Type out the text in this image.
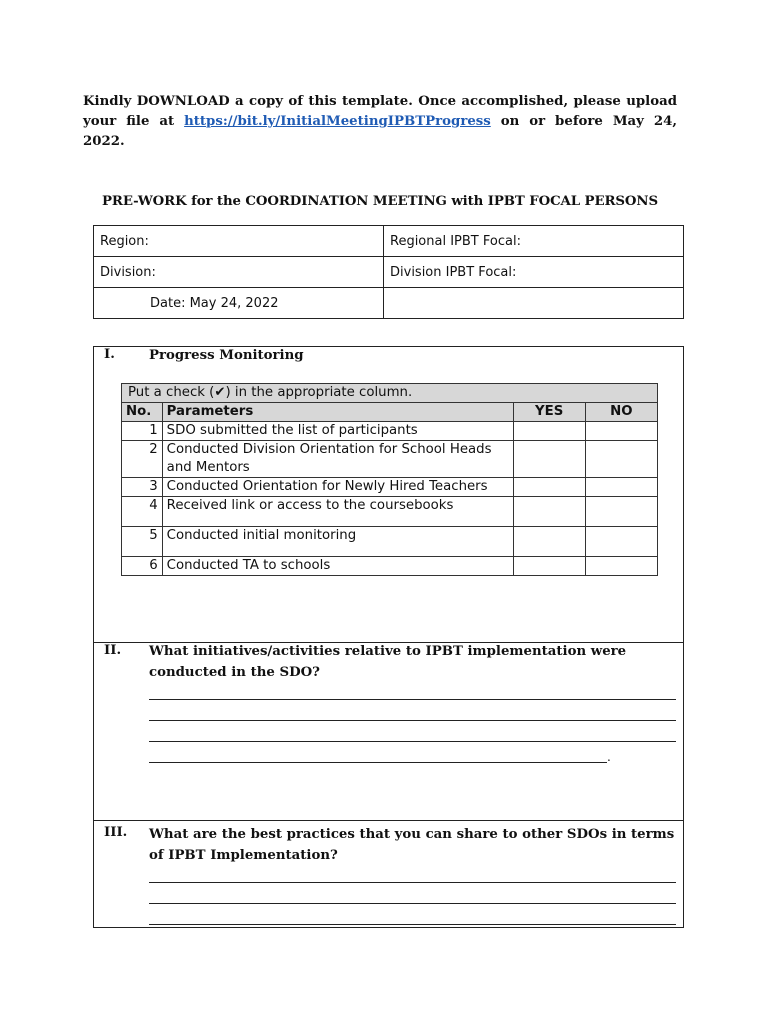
Kindly DOWNLOAD a copy of this template. Once accomplished, please upload your file at https://bit.ly/InitialMeetingIPBTProgress on or before May 24, 2022.
PRE-WORK for the COORDINATION MEETING with IPBT FOCAL PERSONS
Region:	Regional IPBT Focal:
Division:	Division IPBT Focal:
Date: May 24, 2022	
I.	Progress Monitoring
Put a check (✔) in the appropriate column.			
No.	Parameters	YES	NO
1	SDO submitted the list of participants		
2	Conducted Division Orientation for School Heads and Mentors		
3	Conducted Orientation for Newly Hired Teachers		
4	Received link or access to the coursebooks		
5	Conducted initial monitoring		
6	Conducted TA to schools		
II. What initiatives/activities relative to IPBT implementation were conducted in the SDO?
.
III. What are the best practices that you can share to other SDOs in terms of IPBT Implementation?
